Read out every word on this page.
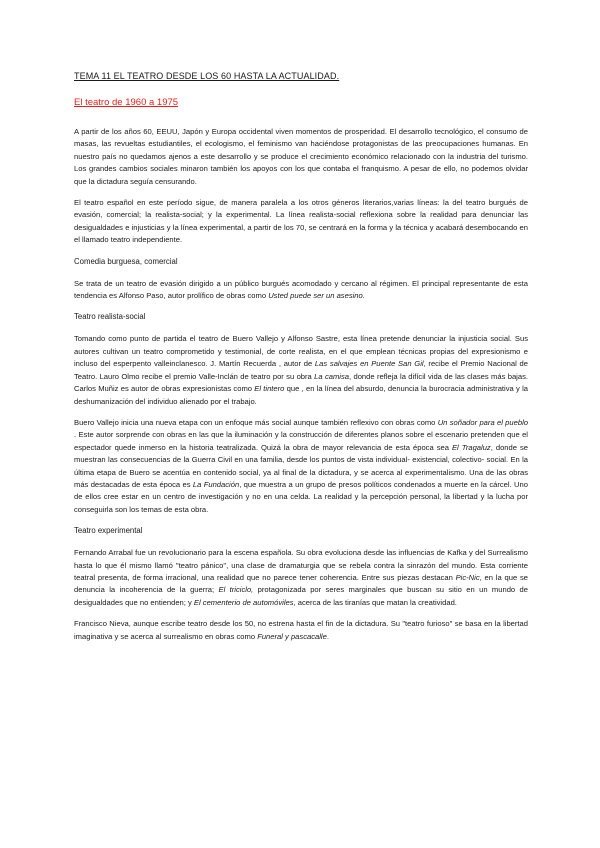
TEMA 11 EL TEATRO DESDE LOS 60 HASTA LA ACTUALIDAD.
El teatro de 1960 a 1975

A partir de los años 60, EEUU, Japón y Europa occidental viven momentos de prosperidad. El desarrollo tecnológico, el consumo de masas, las revueltas estudiantiles, el ecologismo, el feminismo van haciéndose protagonistas de las preocupaciones humanas. En nuestro país no quedamos ajenos a este desarrollo y se produce el crecimiento económico relacionado con la industria del turismo. Los grandes cambios sociales minaron también los apoyos con los que contaba el franquismo. A pesar de ello, no podemos olvidar que la dictadura seguía censurando.

El teatro español en este período sigue, de manera paralela a los otros géneros literarios,varias líneas: la del teatro burgués de evasión, comercial; la realista-social; y la experimental. La línea realista-social reflexiona sobre la realidad para denunciar las desigualdades e injusticias y la línea experimental, a partir de los 70, se centrará en la forma y la técnica y acabará desembocando en el llamado teatro independiente.

Comedia burguesa, comercial

Se trata de un teatro de evasión dirigido a un público burgués acomodado y cercano al régimen. El principal representante de esta tendencia es Alfonso Paso, autor prolífico de obras como Usted puede ser un asesino.

Teatro realista-social

Tomando como punto de partida el teatro de Buero Vallejo y Alfonso Sastre, esta línea pretende denunciar la injusticia social. Sus autores cultivan un teatro comprometido y testimonial, de corte realista, en el que emplean técnicas propias del expresionismo e incluso del esperpento valleinclanesco. J. Martín Recuerda , autor de Las salvajes en Puente San Gil, recibe el Premio Nacional de Teatro. Lauro Olmo recibe el premio Valle-Inclán de teatro por su obra La camisa, donde refleja la difícil vida de las clases más bajas. Carlos Muñiz es autor de obras expresionistas como El tintero que , en la línea del absurdo, denuncia la burocracia administrativa y la deshumanización del individuo alienado por el trabajo.

Buero Vallejo inicia una nueva etapa con un enfoque más social aunque también reflexivo con obras como Un soñador para el pueblo . Este autor sorprende con obras en las que la iluminación y la construcción de diferentes planos sobre el escenario pretenden que el espectador quede inmerso en la historia teatralizada. Quizá la obra de mayor relevancia de esta época sea El Tragaluz, donde se muestran las consecuencias de la Guerra Civil en una familia, desde los puntos de vista individual- existencial, colectivo- social. En la última etapa de Buero se acentúa en contenido social, ya al final de la dictadura, y se acerca al experimentalismo. Una de las obras más destacadas de esta época es La Fundación, que muestra a un grupo de presos políticos condenados a muerte en la cárcel. Uno de ellos cree estar en un centro de investigación y no en una celda. La realidad y la percepción personal, la libertad y la lucha por conseguirla son los temas de esta obra.

Teatro experimental

Fernando Arrabal fue un revolucionario para la escena española. Su obra evoluciona desde las influencias de Kafka y del Surrealismo hasta lo que él mismo llamó "teatro pánico", una clase de dramaturgia que se rebela contra la sinrazón del mundo. Esta corriente teatral presenta, de forma irracional, una realidad que no parece tener coherencia. Entre sus piezas destacan Pic-Nic, en la que se denuncia la incoherencia de la guerra; El triciclo, protagonizada por seres marginales que buscan su sitio en un mundo de desigualdades que no entienden; y El cementerio de automóviles, acerca de las tiranías que matan la creatividad.

Francisco Nieva, aunque escribe teatro desde los 50, no estrena hasta el fin de la dictadura. Su "teatro furioso" se basa en la libertad imaginativa y se acerca al surrealismo en obras como Funeral y pascacalle.
